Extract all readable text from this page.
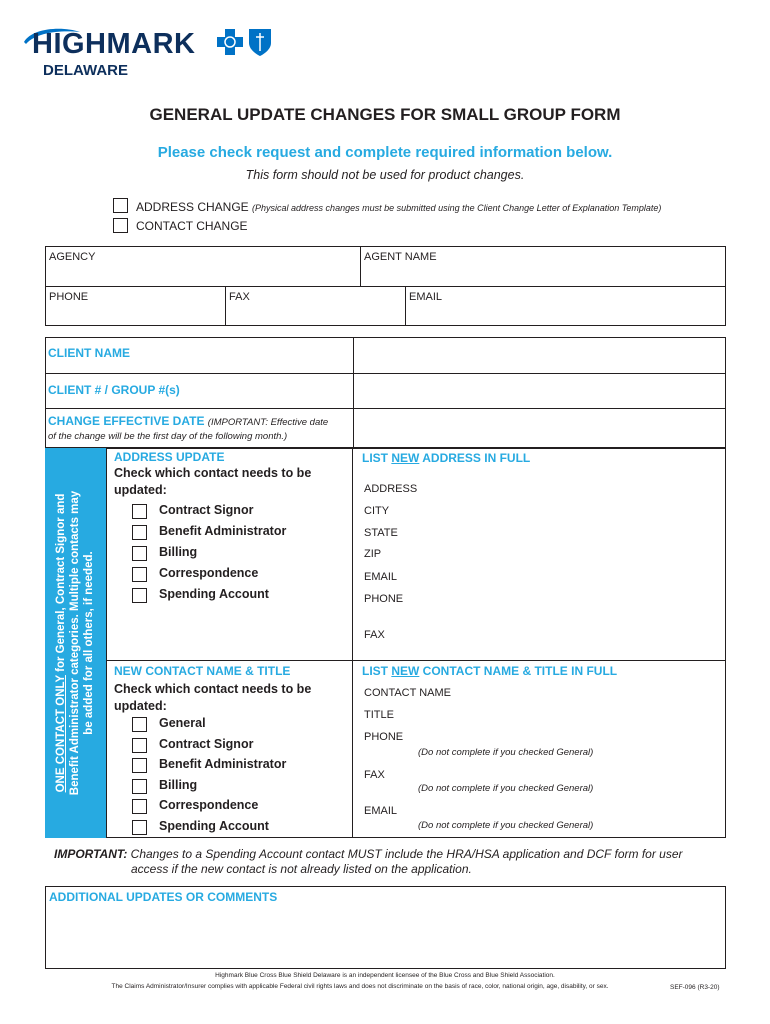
HIGHMARK
DELAWARE
GENERAL UPDATE CHANGES FOR SMALL GROUP FORM
Please check request and complete required information below.
This form should not be used for product changes.
ADDRESS CHANGE (Physical address changes must be submitted using the Client Change Letter of Explanation Template)
CONTACT CHANGE
AGENCY	AGENT NAME
PHONE	FAX	EMAIL
CLIENT NAME
CLIENT # / GROUP #(s)
CHANGE EFFECTIVE DATE (IMPORTANT: Effective date
of the change will be the first day of the following month.)
ONE CONTACT ONLY for General, Contract Signor and Benefit Administrator categories. Multiple contacts may be added for all others, if needed.
ADDRESS UPDATE
Check which contact needs to be updated:
Contract Signor
Benefit Administrator
Billing
Correspondence
Spending Account
LIST NEW ADDRESS IN FULL
ADDRESS
CITY
STATE
ZIP
EMAIL
PHONE
FAX
NEW CONTACT NAME & TITLE
Check which contact needs to be updated:
General
Contract Signor
Benefit Administrator
Billing
Correspondence
Spending Account
LIST NEW CONTACT NAME & TITLE IN FULL
CONTACT NAME
TITLE
PHONE
FAX
EMAIL
(Do not complete if you checked General)
(Do not complete if you checked General)
(Do not complete if you checked General)
IMPORTANT: Changes to a Spending Account contact MUST include the HRA/HSA application and DCF form for user
access if the new contact is not already listed on the application.
ADDITIONAL UPDATES OR COMMENTS
Highmark Blue Cross Blue Shield Delaware is an independent licensee of the Blue Cross and Blue Shield Association.
The Claims Administrator/Insurer complies with applicable Federal civil rights laws and does not discriminate on the basis of race, color, national origin, age, disability, or sex.	SEF-096 (R3-20)
